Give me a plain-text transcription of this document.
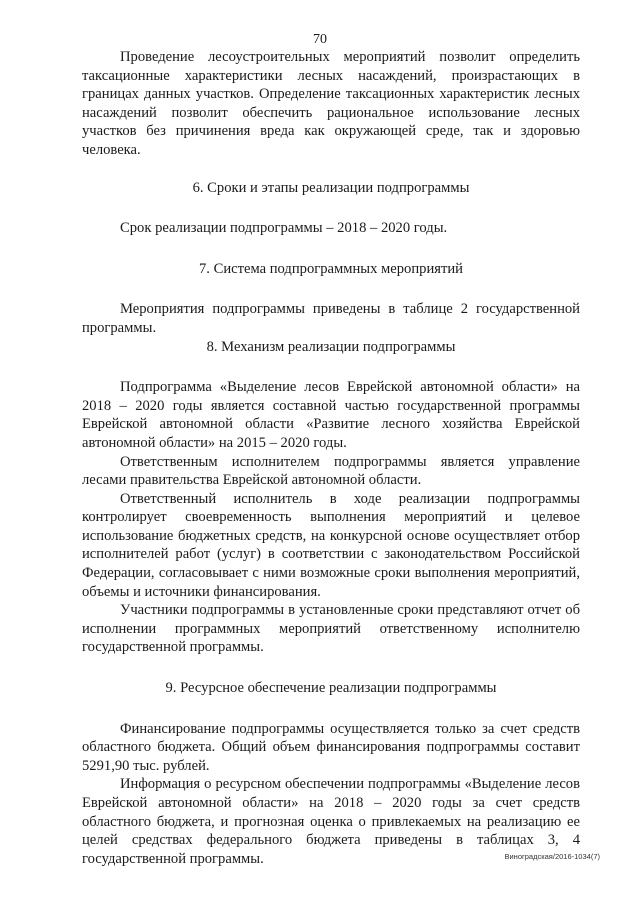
70

Проведение лесоустроительных мероприятий позволит определить таксационные характеристики лесных насаждений, произрастающих в границах данных участков. Определение таксационных характеристик лесных насаждений позволит обеспечить рациональное использование лесных участков без причинения вреда как окружающей среде, так и здоровью человека.

6. Сроки и этапы реализации подпрограммы

Срок реализации подпрограммы – 2018 – 2020 годы.

7. Система подпрограммных мероприятий

Мероприятия подпрограммы приведены в таблице 2 государственной программы.

8. Механизм реализации подпрограммы

Подпрограмма «Выделение лесов Еврейской автономной области» на 2018 – 2020 годы является составной частью государственной программы Еврейской автономной области «Развитие лесного хозяйства Еврейской автономной области» на 2015 – 2020 годы.

Ответственным исполнителем подпрограммы является управление лесами правительства Еврейской автономной области.

Ответственный исполнитель в ходе реализации подпрограммы контролирует своевременность выполнения мероприятий и целевое использование бюджетных средств, на конкурсной основе осуществляет отбор исполнителей работ (услуг) в соответствии с законодательством Российской Федерации, согласовывает с ними возможные сроки выполнения мероприятий, объемы и источники финансирования.

Участники подпрограммы в установленные сроки представляют отчет об исполнении программных мероприятий ответственному исполнителю государственной программы.

9. Ресурсное обеспечение реализации подпрограммы

Финансирование подпрограммы осуществляется только за счет средств областного бюджета. Общий объем финансирования подпрограммы составит 5291,90 тыс. рублей.

Информация о ресурсном обеспечении подпрограммы «Выделение лесов Еврейской автономной области» на 2018 – 2020 годы за счет средств областного бюджета, и прогнозная оценка о привлекаемых на реализацию ее целей средствах федерального бюджета приведены в таблицах 3, 4 государственной программы.	Виноградская/2016-1034(7)
